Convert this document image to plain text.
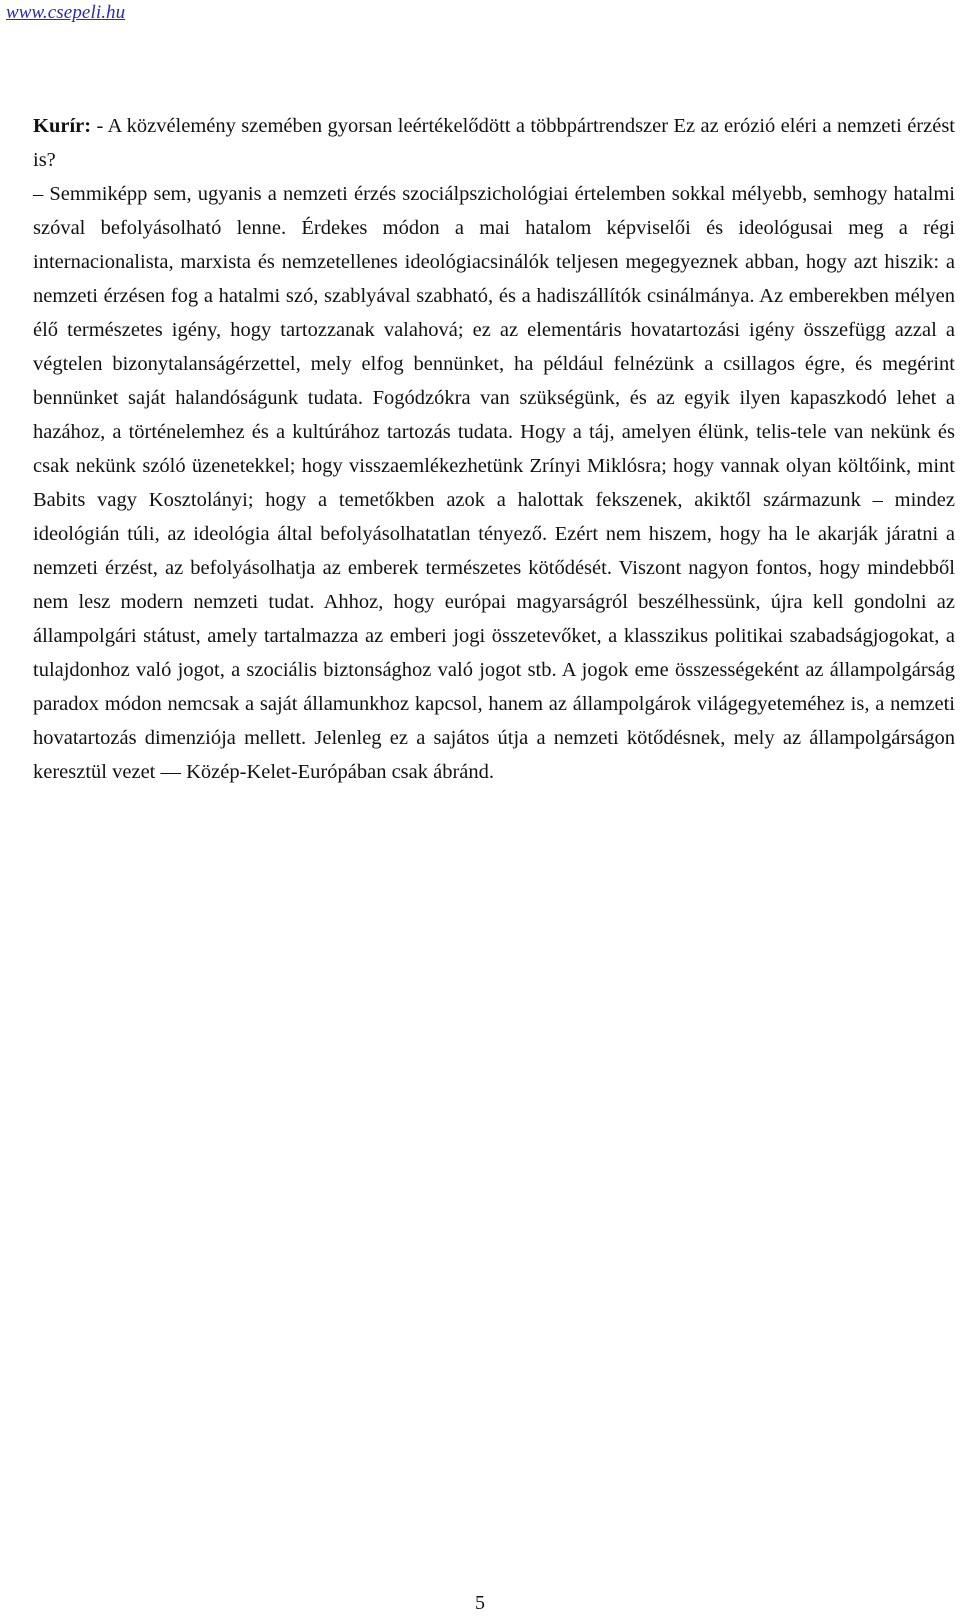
www.csepeli.hu

Kurír: - A közvélemény szemében gyorsan leértékelődött a többpártrendszer Ez az erózió eléri a nemzeti érzést is?

– Semmiképp sem, ugyanis a nemzeti érzés szociálpszichológiai értelemben sokkal mélyebb, semhogy hatalmi szóval befolyásolható lenne. Érdekes módon a mai hatalom képviselői és ideológusai meg a régi internacionalista, marxista és nemzetellenes ideológiacsinálók teljesen megegyeznek abban, hogy azt hiszik: a nemzeti érzésen fog a hatalmi szó, szablyával szabható, és a hadiszállítók csinálmánya. Az emberekben mélyen élő természetes igény, hogy tartozzanak valahová; ez az elementáris hovatartozási igény összefügg azzal a végtelen bizonytalanságérzettel, mely elfog bennünket, ha például felnézünk a csillagos égre, és megérint bennünket saját halandóságunk tudata. Fogódzókra van szükségünk, és az egyik ilyen kapaszkodó lehet a hazához, a történelemhez és a kultúrához tartozás tudata. Hogy a táj, amelyen élünk, telis-tele van nekünk és csak nekünk szóló üzenetekkel; hogy visszaemlékezhetünk Zrínyi Miklósra; hogy vannak olyan költőink, mint Babits vagy Kosztolányi; hogy a temetőkben azok a halottak fekszenek, akiktől származunk – mindez ideológián túli, az ideológia által befolyásolhatatlan tényező. Ezért nem hiszem, hogy ha le akarják járatni a nemzeti érzést, az befolyásolhatja az emberek természetes kötődését. Viszont nagyon fontos, hogy mindebből nem lesz modern nemzeti tudat. Ahhoz, hogy európai magyarságról beszélhessünk, újra kell gondolni az állampolgári státust, amely tartalmazza az emberi jogi összetevőket, a klasszikus politikai szabadságjogokat, a tulajdonhoz való jogot, a szociális biztonsághoz való jogot stb. A jogok eme összességeként az állampolgárság paradox módon nemcsak a saját államunkhoz kapcsol, hanem az állampolgárok világegyeteméhez is, a nemzeti hovatartozás dimenziója mellett. Jelenleg ez a sajátos útja a nemzeti kötődésnek, mely az állampolgárságon keresztül vezet — Közép-Kelet-Európában csak ábránd.

5
